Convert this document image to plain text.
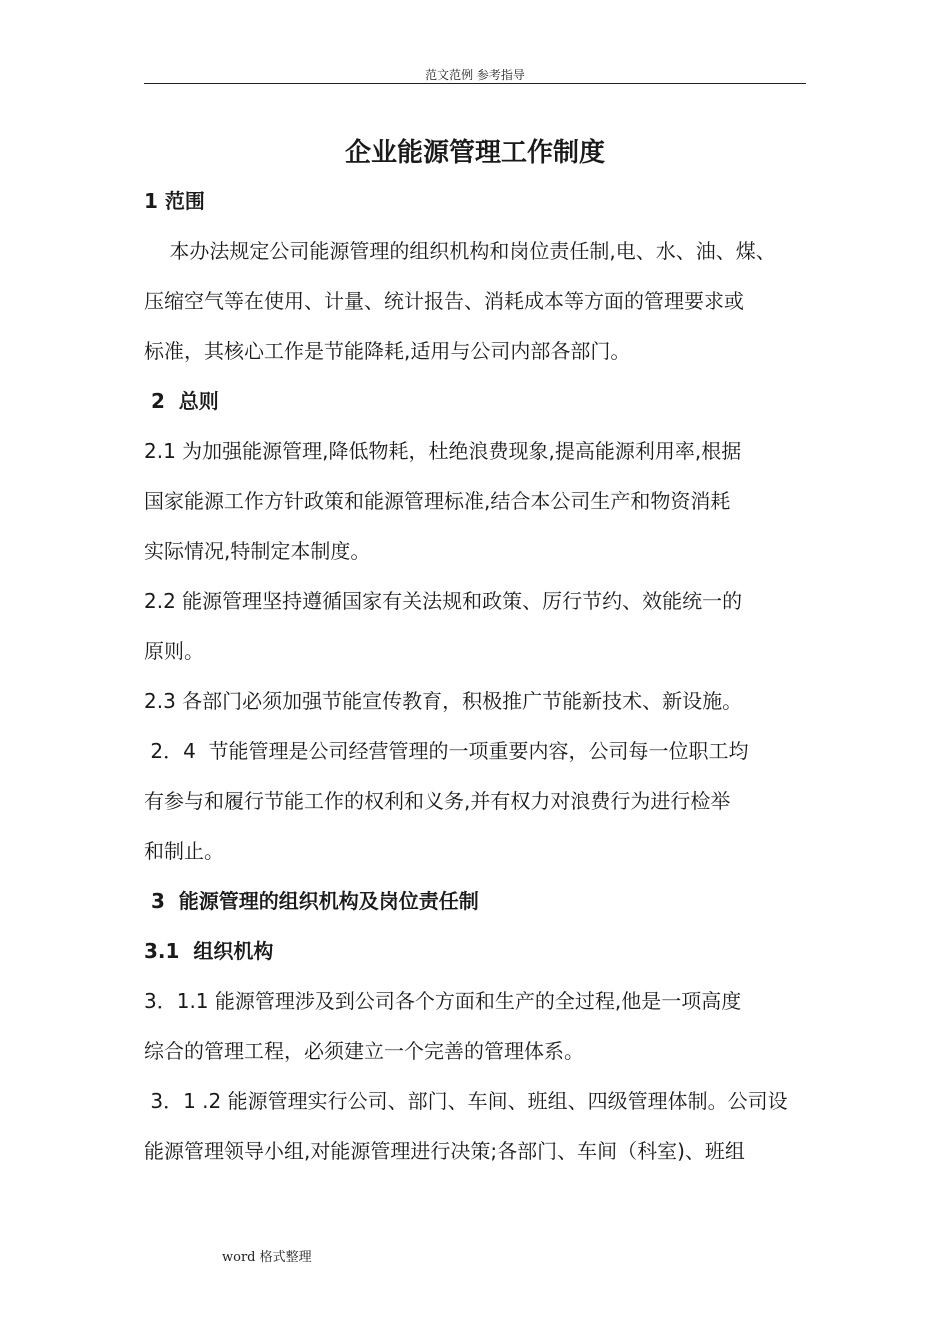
范文范例 参考指导
企业能源管理工作制度
1 范围
本办法规定公司能源管理的组织机构和岗位责任制,电、水、油、煤、
压缩空气等在使用、计量、统计报告、消耗成本等方面的管理要求或
标准，其核心工作是节能降耗,适用与公司内部各部门。
2  总则
2.1 为加强能源管理,降低物耗，杜绝浪费现象,提高能源利用率,根据
国家能源工作方针政策和能源管理标准,结合本公司生产和物资消耗
实际情况,特制定本制度。
2.2 能源管理坚持遵循国家有关法规和政策、厉行节约、效能统一的
原则。
2.3 各部门必须加强节能宣传教育，积极推广节能新技术、新设施。
2．4  节能管理是公司经营管理的一项重要内容，公司每一位职工均
有参与和履行节能工作的权利和义务,并有权力对浪费行为进行检举
和制止。
3  能源管理的组织机构及岗位责任制
3.1  组织机构
3．1.1 能源管理涉及到公司各个方面和生产的全过程,他是一项高度
综合的管理工程，必须建立一个完善的管理体系。
3．1 .2 能源管理实行公司、部门、车间、班组、四级管理体制。公司设
能源管理领导小组,对能源管理进行决策;各部门、车间（科室)、班组
word 格式整理
